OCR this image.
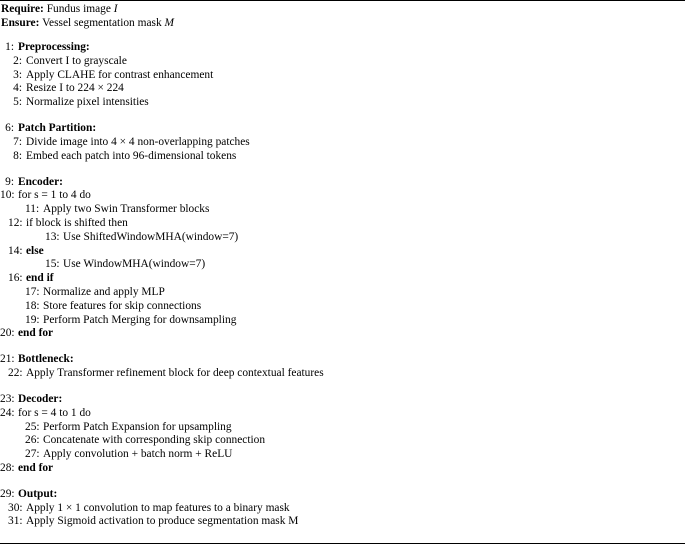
Require: Fundus image I
Ensure: Vessel segmentation mask M
1: Preprocessing:
2: Convert I to grayscale
3: Apply CLAHE for contrast enhancement
4: Resize I to 224 × 224
5: Normalize pixel intensities
6: Patch Partition:
7: Divide image into 4 × 4 non-overlapping patches
8: Embed each patch into 96-dimensional tokens
9: Encoder:
10: for s = 1 to 4 do
11: Apply two Swin Transformer blocks
12: if block is shifted then
13: Use ShiftedWindowMHA(window=7)
14: else
15: Use WindowMHA(window=7)
16: end if
17: Normalize and apply MLP
18: Store features for skip connections
19: Perform Patch Merging for downsampling
20: end for
21: Bottleneck:
22: Apply Transformer refinement block for deep contextual features
23: Decoder:
24: for s = 4 to 1 do
25: Perform Patch Expansion for upsampling
26: Concatenate with corresponding skip connection
27: Apply convolution + batch norm + ReLU
28: end for
29: Output:
30: Apply 1 × 1 convolution to map features to a binary mask
31: Apply Sigmoid activation to produce segmentation mask M
